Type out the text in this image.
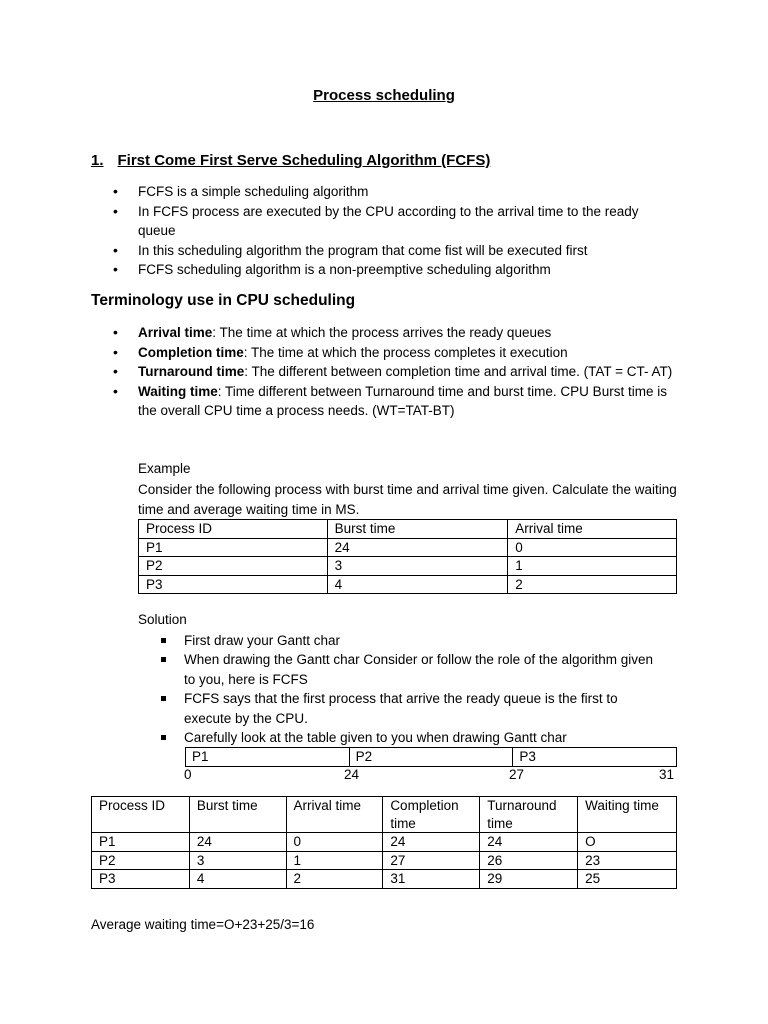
Process scheduling
1. First Come First Serve Scheduling Algorithm (FCFS)
• FCFS is a simple scheduling algorithm
• In FCFS process are executed by the CPU according to the arrival time to the ready queue
• In this scheduling algorithm the program that come fist will be executed first
• FCFS scheduling algorithm is a non-preemptive scheduling algorithm
Terminology use in CPU scheduling
• Arrival time: The time at which the process arrives the ready queues
• Completion time: The time at which the process completes it execution
• Turnaround time: The different between completion time and arrival time. (TAT = CT- AT)
• Waiting time: Time different between Turnaround time and burst time. CPU Burst time is the overall CPU time a process needs. (WT=TAT-BT)
Example
Consider the following process with burst time and arrival time given. Calculate the waiting time and average waiting time in MS.
Process ID	Burst time	Arrival time
P1	24	0
P2	3	1
P3	4	2
Solution
First draw your Gantt char
When drawing the Gantt char Consider or follow the role of the algorithm given to you, here is FCFS
FCFS says that the first process that arrive the ready queue is the first to execute by the CPU.
Carefully look at the table given to you when drawing Gantt char
P1	P2	P3
0	24	27	31
Process ID	Burst time	Arrival time	Completion time	Turnaround time	Waiting time
P1	24	0	24	24	O
P2	3	1	27	26	23
P3	4	2	31	29	25
Average waiting time=O+23+25/3=16
